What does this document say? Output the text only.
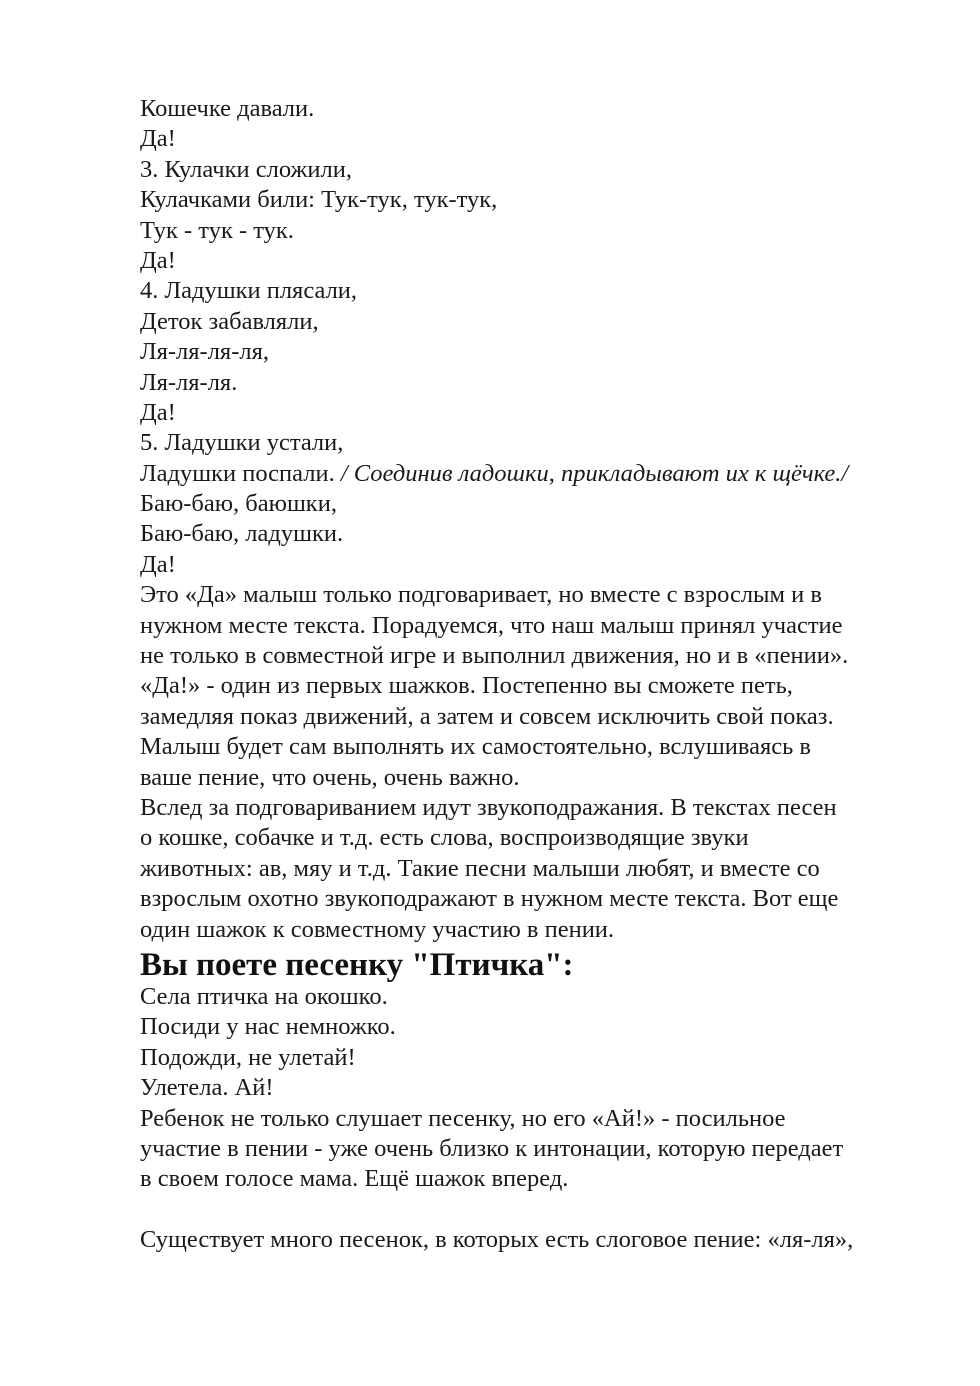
Кошечке давали.
Да!
3. Кулачки сложили,
Кулачками били: Тук-тук, тук-тук,
Тук - тук - тук.
Да!
4. Ладушки плясали,
Деток забавляли,
Ля-ля-ля-ля,
Ля-ля-ля.
Да!
5. Ладушки устали,
Ладушки поспали. / Соединив ладошки, прикладывают их к щёчке./
Баю-баю, баюшки,
Баю-баю, ладушки.
Да!
Это «Да» малыш только подговаривает, но вместе с взрослым и в
нужном месте текста. Порадуемся, что наш малыш принял участие
не только в совместной игре и выполнил движения, но и в «пении».
«Да!» - один из первых шажков. Постепенно вы сможете петь,
замедляя показ движений, а затем и совсем исключить свой показ.
Малыш будет сам выполнять их самостоятельно, вслушиваясь в
ваше пение, что очень, очень важно.
Вслед за подговариванием идут звукоподражания. В текстах песен
о кошке, собачке и т.д. есть слова, воспроизводящие звуки
животных: ав, мяу и т.д. Такие песни малыши любят, и вместе со
взрослым охотно звукоподражают в нужном месте текста. Вот еще
один шажок к совместному участию в пении.
Вы поете песенку "Птичка":
Села птичка на окошко.
Посиди у нас немножко.
Подожди, не улетай!
Улетела. Ай!
Ребенок не только слушает песенку, но его «Ай!» - посильное
участие в пении - уже очень близко к интонации, которую передает
в своем голосе мама. Ещё шажок вперед.
Существует много песенок, в которых есть слоговое пение: «ля-ля»,
